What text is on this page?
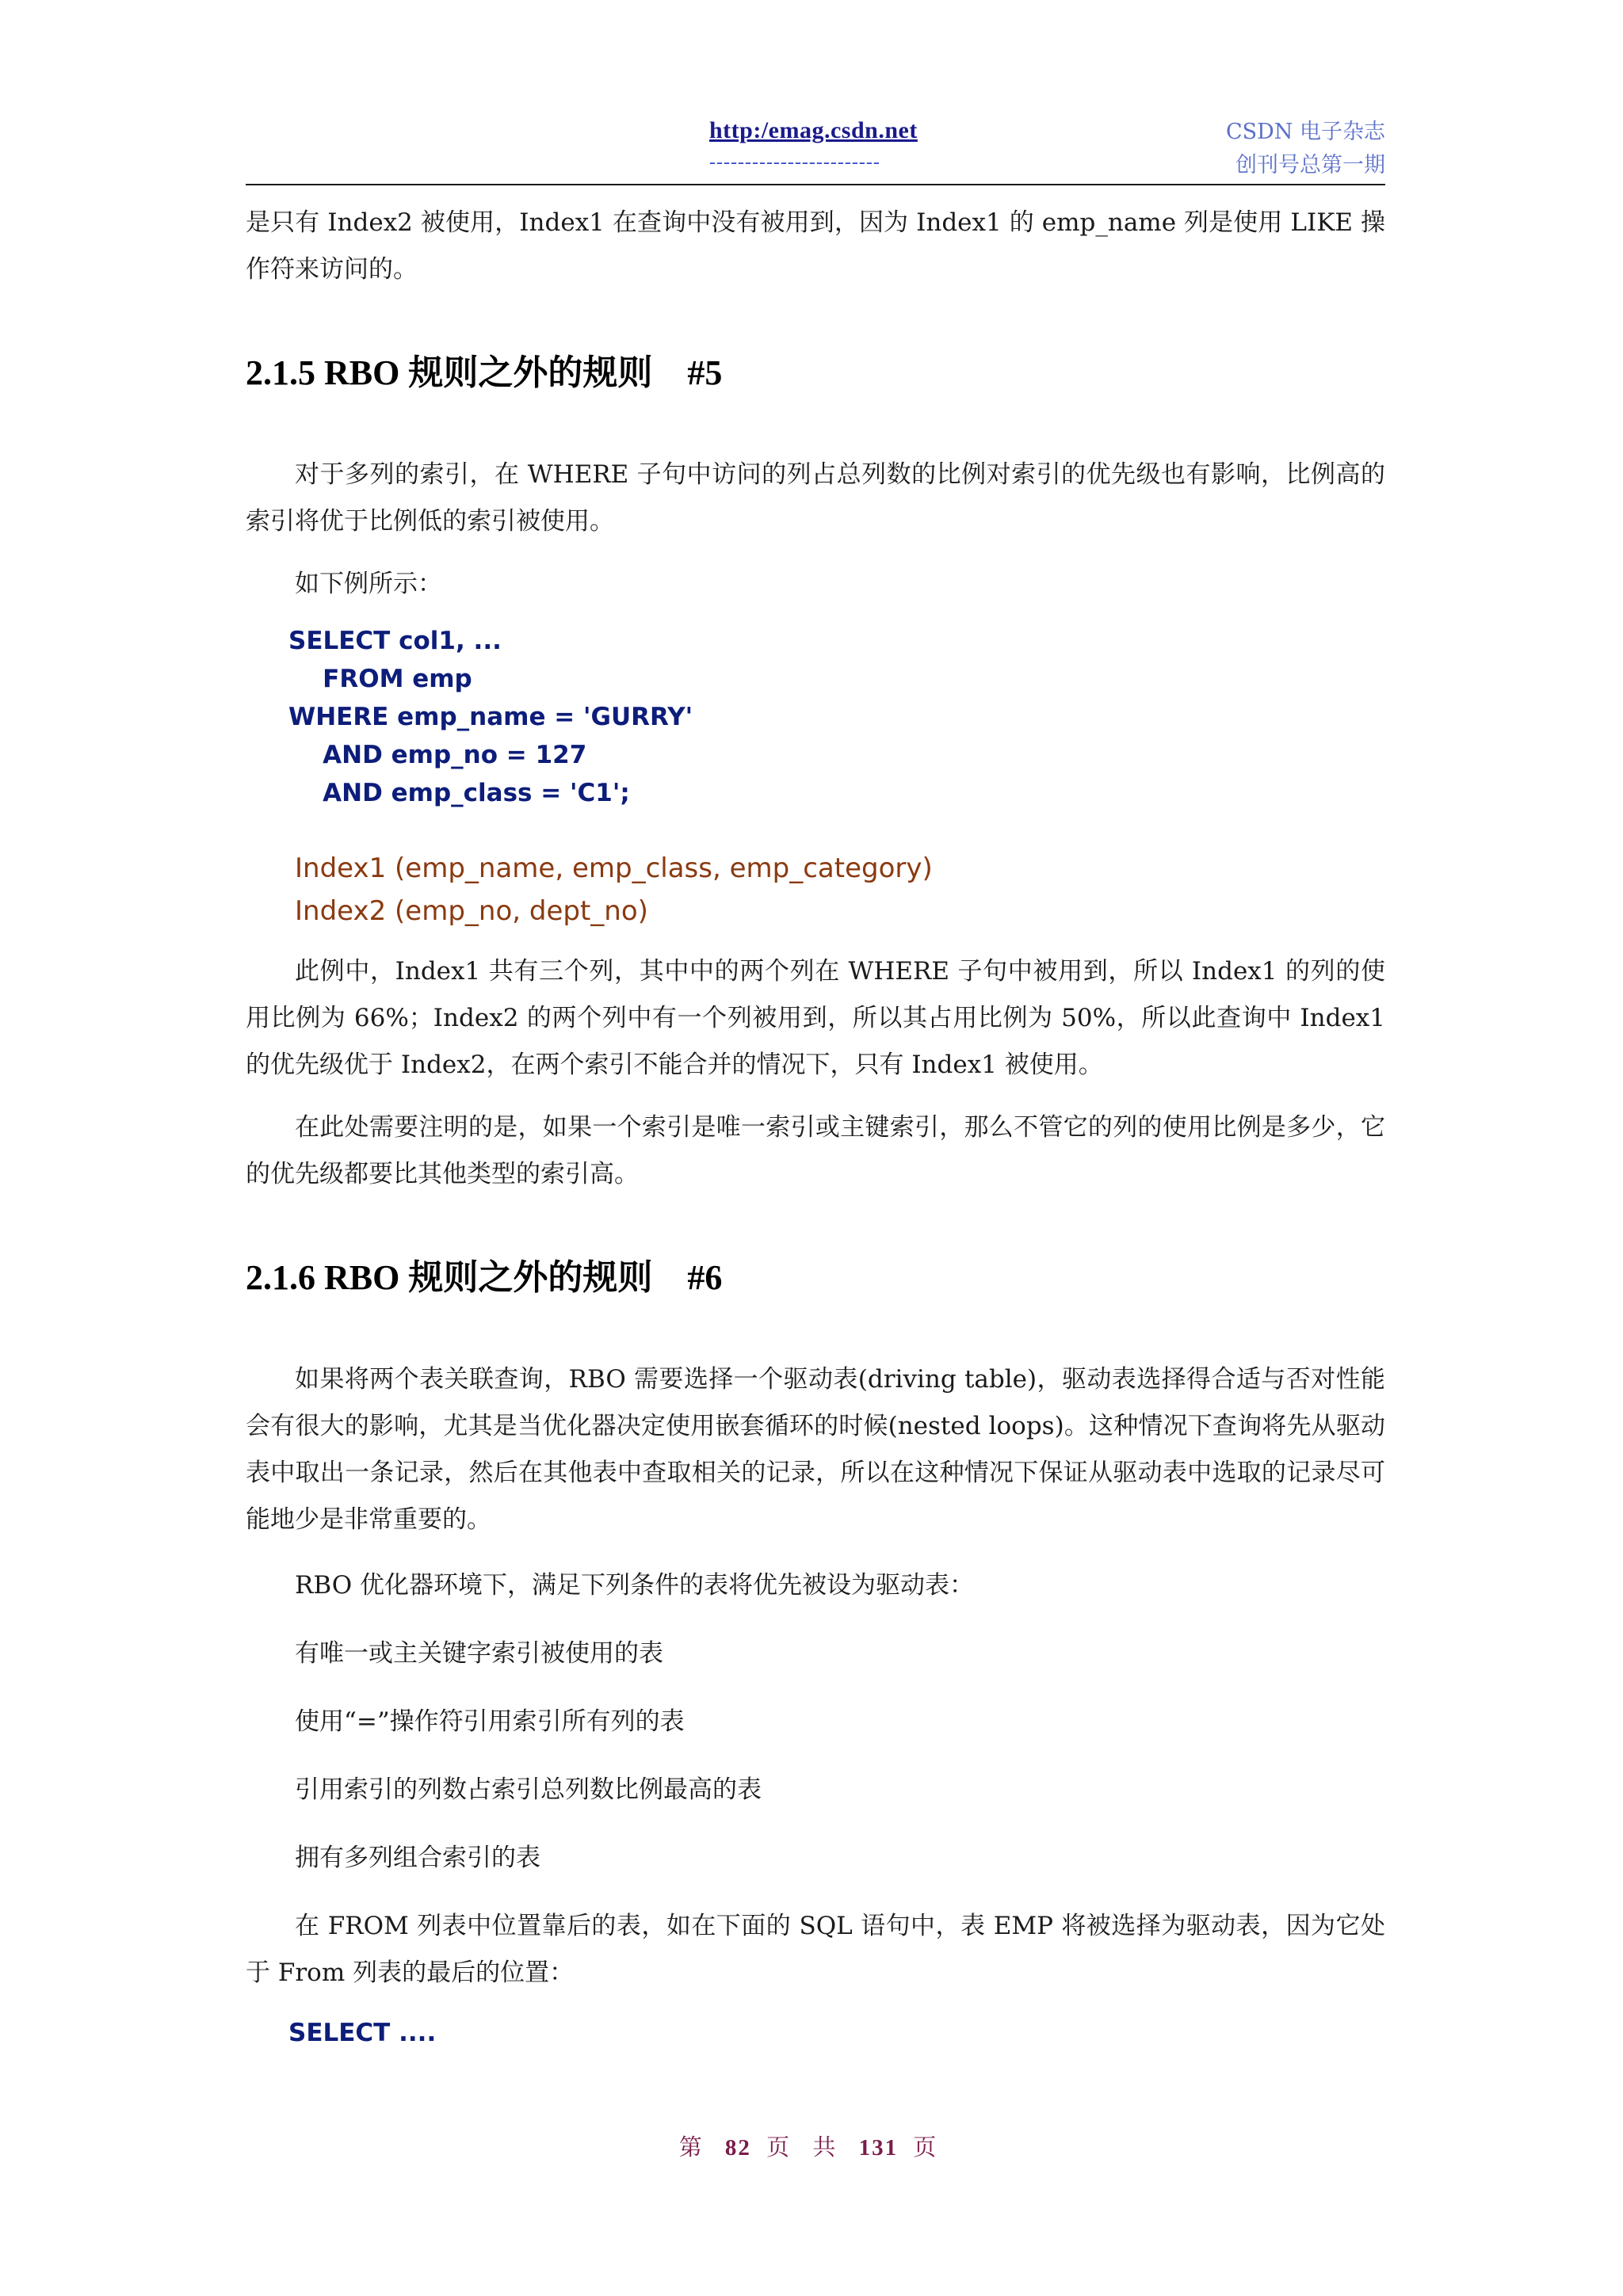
http:/emag.csdn.net
------------------------
CSDN 电子杂志
创刊号总第一期

是只有 Index2 被使用，Index1 在查询中没有被用到，因为 Index1 的 emp_name 列是使用 LIKE 操作符来访问的。

2.1.5 RBO 规则之外的规则　#5

对于多列的索引，在 WHERE 子句中访问的列占总列数的比例对索引的优先级也有影响，比例高的索引将优于比例低的索引被使用。

如下例所示：

SELECT col1, ...
FROM emp
WHERE emp_name = 'GURRY'
AND emp_no = 127
AND emp_class = 'C1';
Index1 (emp_name, emp_class, emp_category)
Index2 (emp_no, dept_no)

此例中，Index1 共有三个列，其中中的两个列在 WHERE 子句中被用到，所以 Index1 的列的使用比例为 66%；Index2 的两个列中有一个列被用到，所以其占用比例为 50%，所以此查询中 Index1 的优先级优于 Index2，在两个索引不能合并的情况下，只有 Index1 被使用。

在此处需要注明的是，如果一个索引是唯一索引或主键索引，那么不管它的列的使用比例是多少，它的优先级都要比其他类型的索引高。

2.1.6 RBO 规则之外的规则　#6

如果将两个表关联查询，RBO 需要选择一个驱动表(driving table)，驱动表选择得合适与否对性能会有很大的影响，尤其是当优化器决定使用嵌套循环的时候(nested loops)。这种情况下查询将先从驱动表中取出一条记录，然后在其他表中查取相关的记录，所以在这种情况下保证从驱动表中选取的记录尽可能地少是非常重要的。

RBO 优化器环境下，满足下列条件的表将优先被设为驱动表：

有唯一或主关键字索引被使用的表

使用“=”操作符引用索引所有列的表

引用索引的列数占索引总列数比例最高的表

拥有多列组合索引的表

在 FROM 列表中位置靠后的表，如在下面的 SQL 语句中，表 EMP 将被选择为驱动表，因为它处于 From 列表的最后的位置：

SELECT ....
第 82 页 共 131 页
